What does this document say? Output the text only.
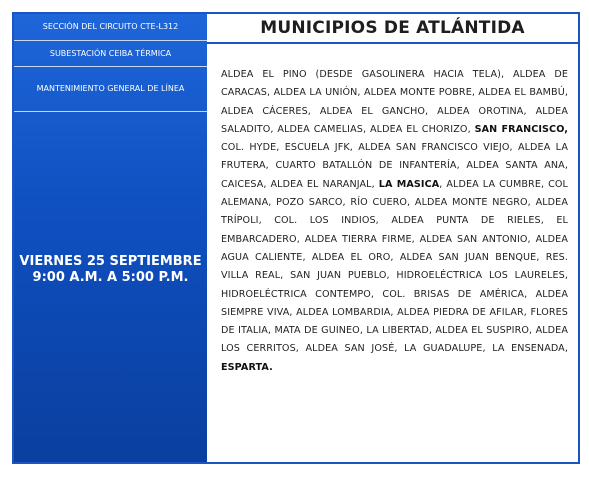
SECCIÓN DEL CIRCUITO CTE-L312
SUBESTACIÓN CEIBA TÉRMICA
MANTENIMIENTO GENERAL DE LÍNEA
VIERNES 25 SEPTIEMBRE
9:00 A.M. A 5:00 P.M.
MUNICIPIOS DE ATLÁNTIDA
ALDEA EL PINO (DESDE GASOLINERA HACIA TELA), ALDEA DE CARACAS, ALDEA LA UNIÓN, ALDEA MONTE POBRE, ALDEA EL BAMBÚ, ALDEA CÁCERES, ALDEA EL GANCHO, ALDEA OROTINA, ALDEA SALADITO, ALDEA CAMELIAS, ALDEA EL CHORIZO, SAN FRANCISCO, COL. HYDE, ESCUELA JFK, ALDEA SAN FRANCISCO VIEJO, ALDEA LA FRUTERA, CUARTO BATALLÓN DE INFANTERÍA, ALDEA SANTA ANA, CAICESA, ALDEA EL NARANJAL, LA MASICA, ALDEA LA CUMBRE, COL ALEMANA, POZO SARCO, RÍO CUERO, ALDEA MONTE NEGRO, ALDEA TRÍPOLI, COL. LOS INDIOS, ALDEA PUNTA DE RIELES, EL EMBARCADERO, ALDEA TIERRA FIRME, ALDEA SAN ANTONIO, ALDEA AGUA CALIENTE, ALDEA EL ORO, ALDEA SAN JUAN BENQUE, RES. VILLA REAL, SAN JUAN PUEBLO, HIDROELÉCTRICA LOS LAURELES, HIDROELÉCTRICA CONTEMPO, COL. BRISAS DE AMÉRICA, ALDEA SIEMPRE VIVA, ALDEA LOMBARDIA, ALDEA PIEDRA DE AFILAR, FLORES DE ITALIA, MATA DE GUINEO, LA LIBERTAD, ALDEA EL SUSPIRO, ALDEA LOS CERRITOS, ALDEA SAN JOSÉ, LA GUADALUPE, LA ENSENADA, ESPARTA.
